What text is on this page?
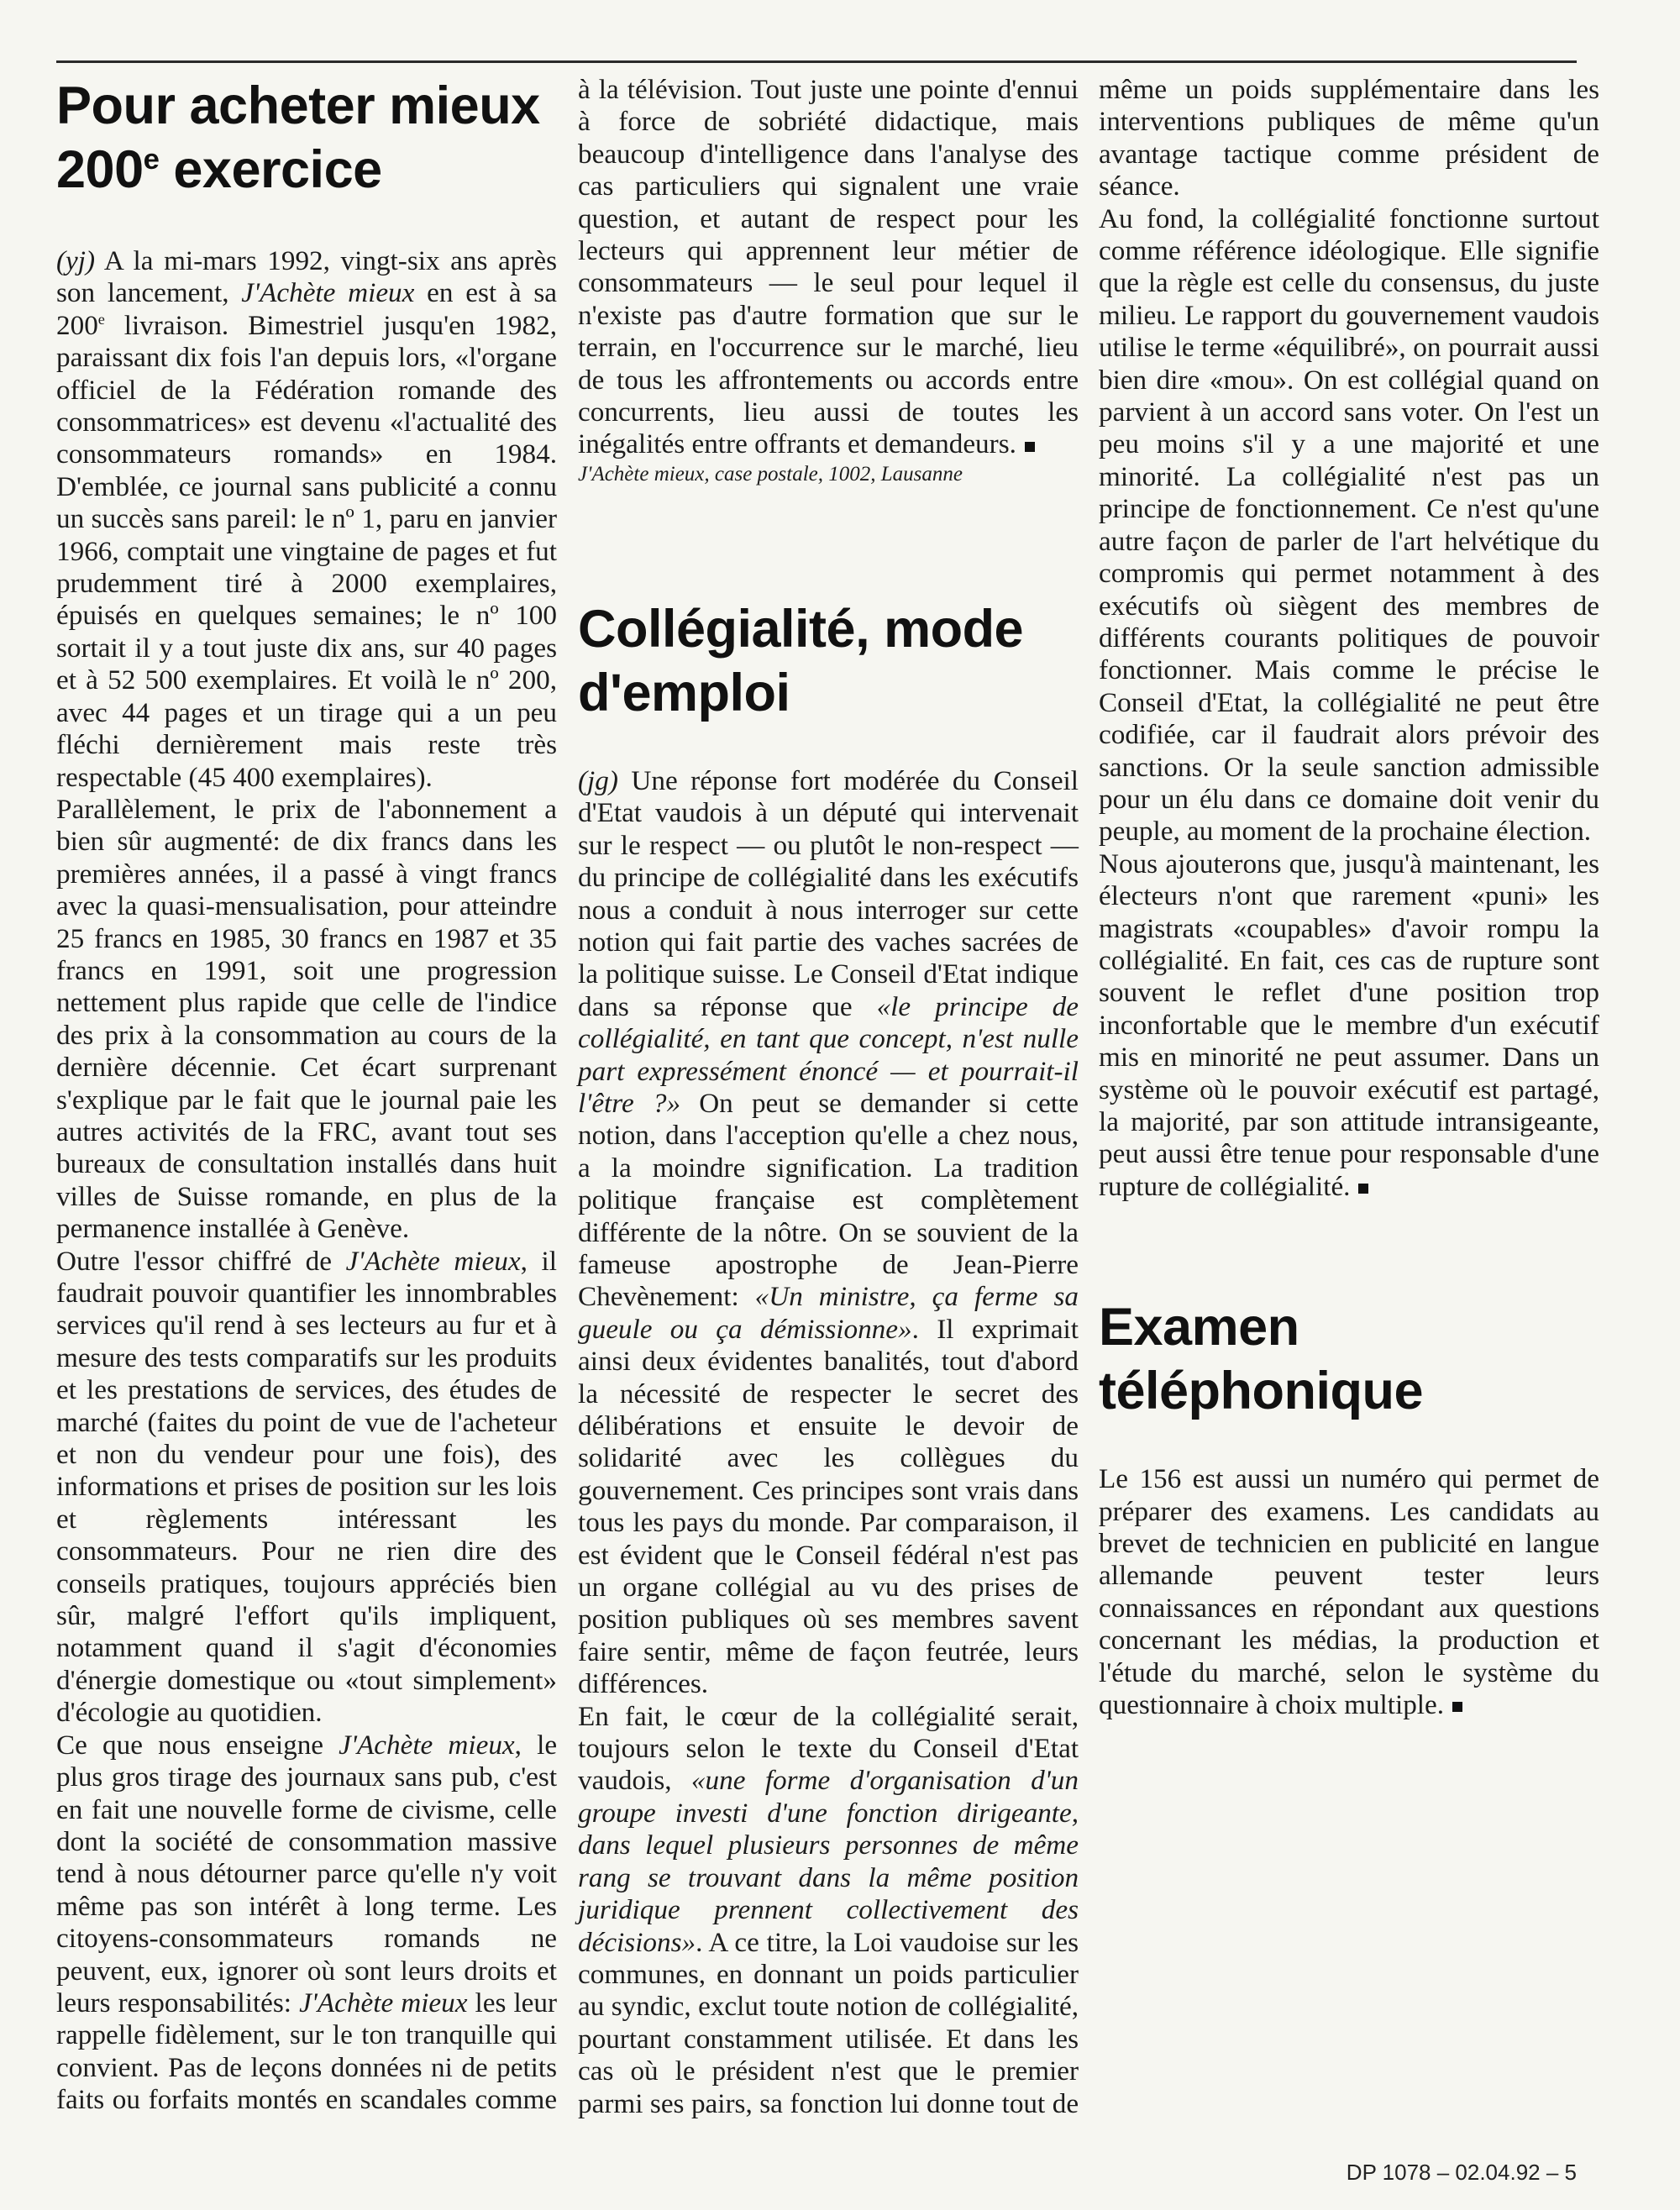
Pour acheter mieux
200e exercice

(yj) A la mi-mars 1992, vingt-six ans après son lancement, J'Achète mieux en est à sa 200e livraison. Bimestriel jusqu'en 1982, paraissant dix fois l'an depuis lors, «l'organe officiel de la Fédération romande des consommatrices» est devenu «l'actualité des consommateurs romands» en 1984. D'emblée, ce journal sans publicité a connu un succès sans pareil: le nº 1, paru en janvier 1966, comptait une vingtaine de pages et fut prudemment tiré à 2000 exemplaires, épuisés en quelques semaines; le nº 100 sortait il y a tout juste dix ans, sur 40 pages et à 52 500 exemplaires. Et voilà le nº 200, avec 44 pages et un tirage qui a un peu fléchi dernièrement mais reste très respectable (45 400 exemplaires).

Parallèlement, le prix de l'abonnement a bien sûr augmenté: de dix francs dans les premières années, il a passé à vingt francs avec la quasi-mensualisation, pour atteindre 25 francs en 1985, 30 francs en 1987 et 35 francs en 1991, soit une progression nettement plus rapide que celle de l'indice des prix à la consommation au cours de la dernière décennie. Cet écart surprenant s'explique par le fait que le journal paie les autres activités de la FRC, avant tout ses bureaux de consultation installés dans huit villes de Suisse romande, en plus de la permanence installée à Genève.

Outre l'essor chiffré de J'Achète mieux, il faudrait pouvoir quantifier les innombrables services qu'il rend à ses lecteurs au fur et à mesure des tests comparatifs sur les produits et les prestations de services, des études de marché (faites du point de vue de l'acheteur et non du vendeur pour une fois), des informations et prises de position sur les lois et règlements intéressant les consommateurs. Pour ne rien dire des conseils pratiques, toujours appréciés bien sûr, malgré l'effort qu'ils impliquent, notamment quand il s'agit d'économies d'énergie domestique ou «tout simplement» d'écologie au quotidien.

Ce que nous enseigne J'Achète mieux, le plus gros tirage des journaux sans pub, c'est en fait une nouvelle forme de civisme, celle dont la société de consommation massive tend à nous détourner parce qu'elle n'y voit même pas son intérêt à long terme. Les citoyens-consommateurs romands ne peuvent, eux, ignorer où sont leurs droits et leurs responsabilités: J'Achète mieux les leur rappelle fidèlement, sur le ton tranquille qui convient. Pas de leçons données ni de petits faits ou forfaits montés en scandales comme

à la télévision. Tout juste une pointe d'ennui à force de sobriété didactique, mais beaucoup d'intelligence dans l'analyse des cas particuliers qui signalent une vraie question, et autant de respect pour les lecteurs qui apprennent leur métier de consommateurs — le seul pour lequel il n'existe pas d'autre formation que sur le terrain, en l'occurrence sur le marché, lieu de tous les affrontements ou accords entre concurrents, lieu aussi de toutes les inégalités entre offrants et demandeurs.

J'Achète mieux, case postale, 1002, Lausanne

Collégialité, mode
d'emploi

(jg) Une réponse fort modérée du Conseil d'Etat vaudois à un député qui intervenait sur le respect — ou plutôt le non-respect — du principe de collégialité dans les exécutifs nous a conduit à nous interroger sur cette notion qui fait partie des vaches sacrées de la politique suisse. Le Conseil d'Etat indique dans sa réponse que «le principe de collégialité, en tant que concept, n'est nulle part expressément énoncé — et pourrait-il l'être ?» On peut se demander si cette notion, dans l'acception qu'elle a chez nous, a la moindre signification. La tradition politique française est complètement différente de la nôtre. On se souvient de la fameuse apostrophe de Jean-Pierre Chevènement: «Un ministre, ça ferme sa gueule ou ça démissionne». Il exprimait ainsi deux évidentes banalités, tout d'abord la nécessité de respecter le secret des délibérations et ensuite le devoir de solidarité avec les collègues du gouvernement. Ces principes sont vrais dans tous les pays du monde. Par comparaison, il est évident que le Conseil fédéral n'est pas un organe collégial au vu des prises de position publiques où ses membres savent faire sentir, même de façon feutrée, leurs différences.

En fait, le cœur de la collégialité serait, toujours selon le texte du Conseil d'Etat vaudois, «une forme d'organisation d'un groupe investi d'une fonction dirigeante, dans lequel plusieurs personnes de même rang se trouvant dans la même position juridique prennent collectivement des décisions». A ce titre, la Loi vaudoise sur les communes, en donnant un poids particulier au syndic, exclut toute notion de collégialité, pourtant constamment utilisée. Et dans les cas où le président n'est que le premier parmi ses pairs, sa fonction lui donne tout de

même un poids supplémentaire dans les interventions publiques de même qu'un avantage tactique comme président de séance.

Au fond, la collégialité fonctionne surtout comme référence idéologique. Elle signifie que la règle est celle du consensus, du juste milieu. Le rapport du gouvernement vaudois utilise le terme «équilibré», on pourrait aussi bien dire «mou». On est collégial quand on parvient à un accord sans voter. On l'est un peu moins s'il y a une majorité et une minorité. La collégialité n'est pas un principe de fonctionnement. Ce n'est qu'une autre façon de parler de l'art helvétique du compromis qui permet notamment à des exécutifs où siègent des membres de différents courants politiques de pouvoir fonctionner. Mais comme le précise le Conseil d'Etat, la collégialité ne peut être codifiée, car il faudrait alors prévoir des sanctions. Or la seule sanction admissible pour un élu dans ce domaine doit venir du peuple, au moment de la prochaine élection.

Nous ajouterons que, jusqu'à maintenant, les électeurs n'ont que rarement «puni» les magistrats «coupables» d'avoir rompu la collégialité. En fait, ces cas de rupture sont souvent le reflet d'une position trop inconfortable que le membre d'un exécutif mis en minorité ne peut assumer. Dans un système où le pouvoir exécutif est partagé, la majorité, par son attitude intransigeante, peut aussi être tenue pour responsable d'une rupture de collégialité.

Examen
téléphonique

Le 156 est aussi un numéro qui permet de préparer des examens. Les candidats au brevet de technicien en publicité en langue allemande peuvent tester leurs connaissances en répondant aux questions concernant les médias, la production et l'étude du marché, selon le système du questionnaire à choix multiple.

DP 1078 – 02.04.92 – 5
